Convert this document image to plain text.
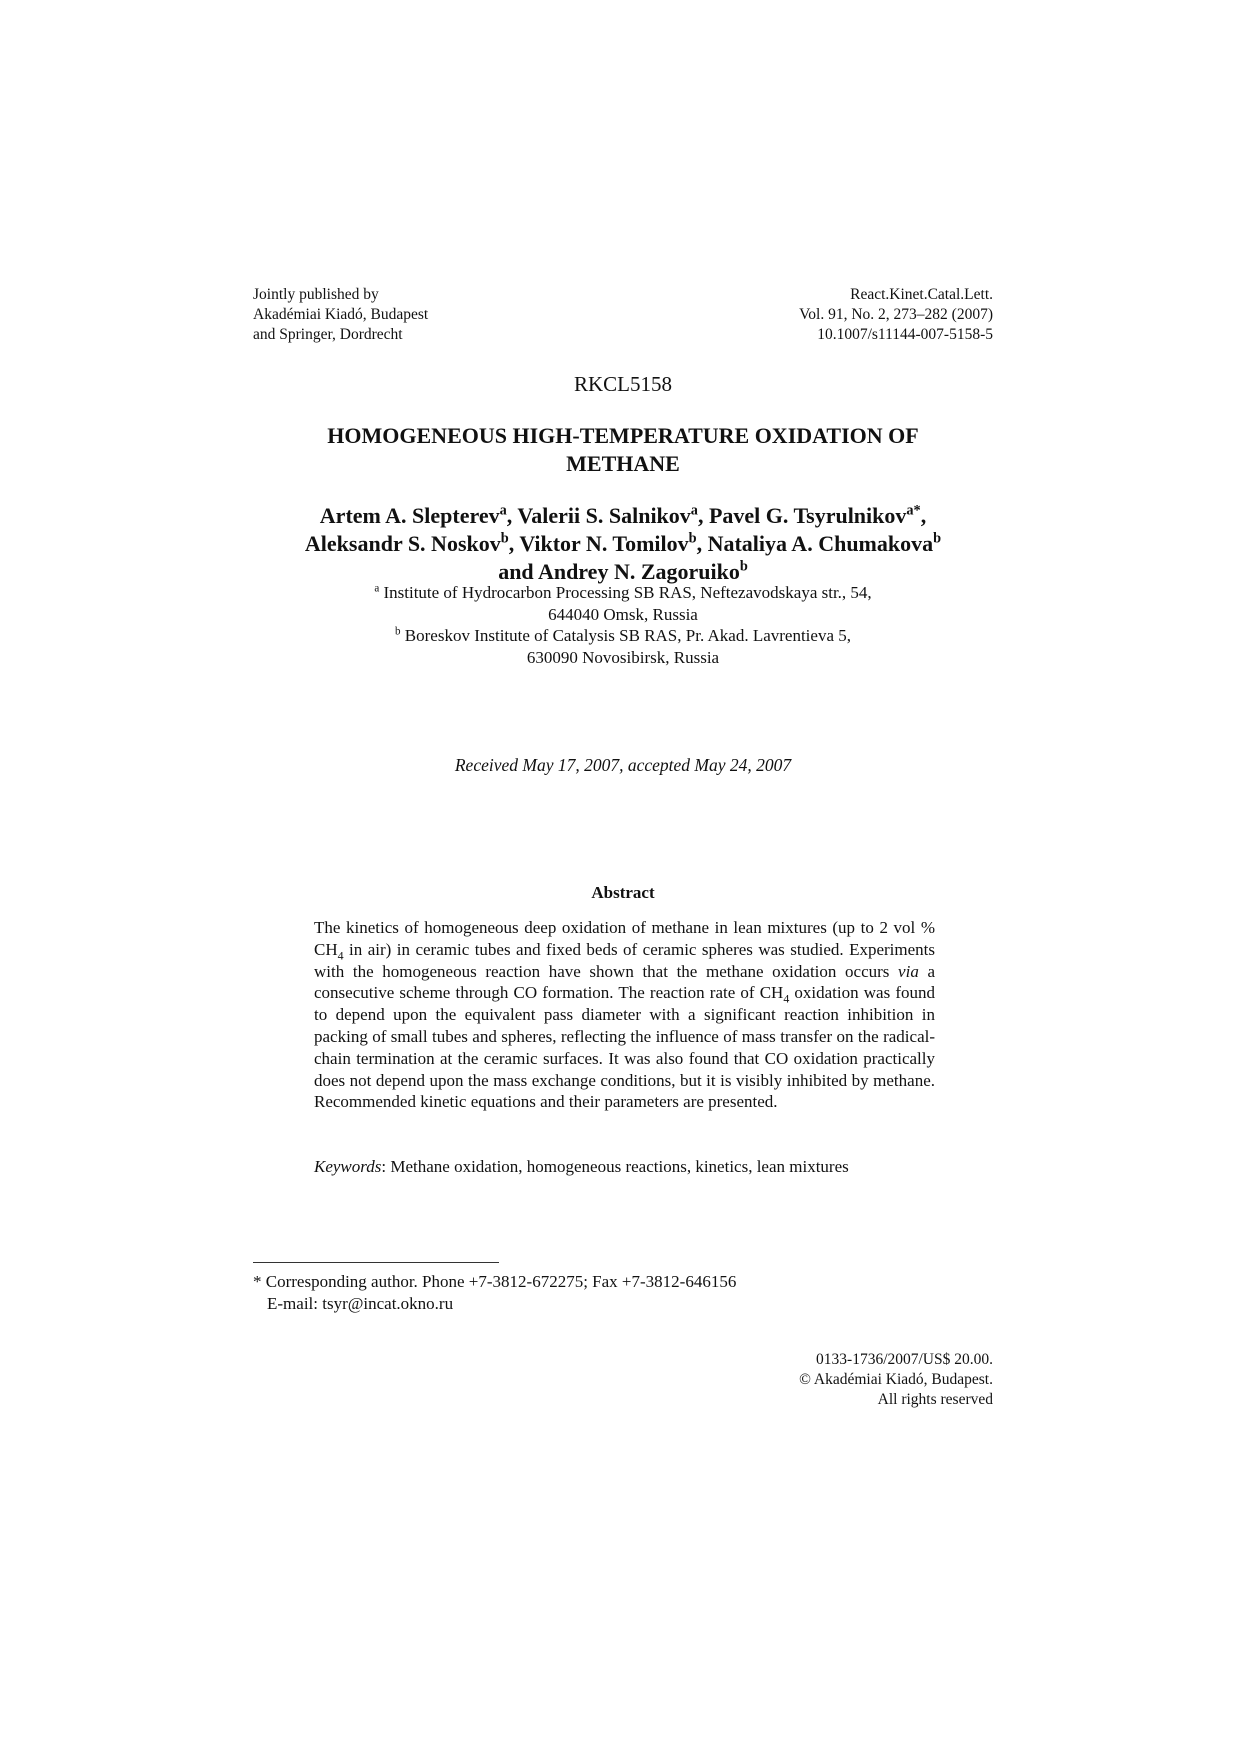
Jointly published by
Akadémiai Kiadó, Budapest
and Springer, Dordrecht
React.Kinet.Catal.Lett.
Vol. 91, No. 2, 273–282 (2007)
10.1007/s11144-007-5158-5
RKCL5158
HOMOGENEOUS HIGH-TEMPERATURE OXIDATION OF
METHANE
Artem A. Slepterev$^a$, Valerii S. Salnikov$^a$, Pavel G. Tsyrulnikov$^{a*}$,
Aleksandr S. Noskov$^b$, Viktor N. Tomilov$^b$, Nataliya A. Chumakova$^b$
and Andrey N. Zagoruiko$^b$
$^a$ Institute of Hydrocarbon Processing SB RAS, Neftezavodskaya str., 54,
644040 Omsk, Russia
$^b$ Boreskov Institute of Catalysis SB RAS, Pr. Akad. Lavrentieva 5,
630090 Novosibirsk, Russia
Received May 17, 2007, accepted May 24, 2007
Abstract

The kinetics of homogeneous deep oxidation of methane in lean mixtures (up to 2 vol % $CH_4$ in air) in ceramic tubes and fixed beds of ceramic spheres was studied. Experiments with the homogeneous reaction have shown that the methane oxidation occurs via a consecutive scheme through CO formation. The reaction rate of $CH_4$ oxidation was found to depend upon the equivalent pass diameter with a significant reaction inhibition in packing of small tubes and spheres, reflecting the influence of mass transfer on the radical-chain termination at the ceramic surfaces. It was also found that CO oxidation practically does not depend upon the mass exchange conditions, but it is visibly inhibited by methane. Recommended kinetic equations and their parameters are presented.

Keywords: Methane oxidation, homogeneous reactions, kinetics, lean mixtures
* Corresponding author. Phone +7-3812-672275; Fax +7-3812-646156
E-mail: tsyr@incat.okno.ru
0133-1736/2007/US$ 20.00.
© Akadémiai Kiadó, Budapest.
All rights reserved
